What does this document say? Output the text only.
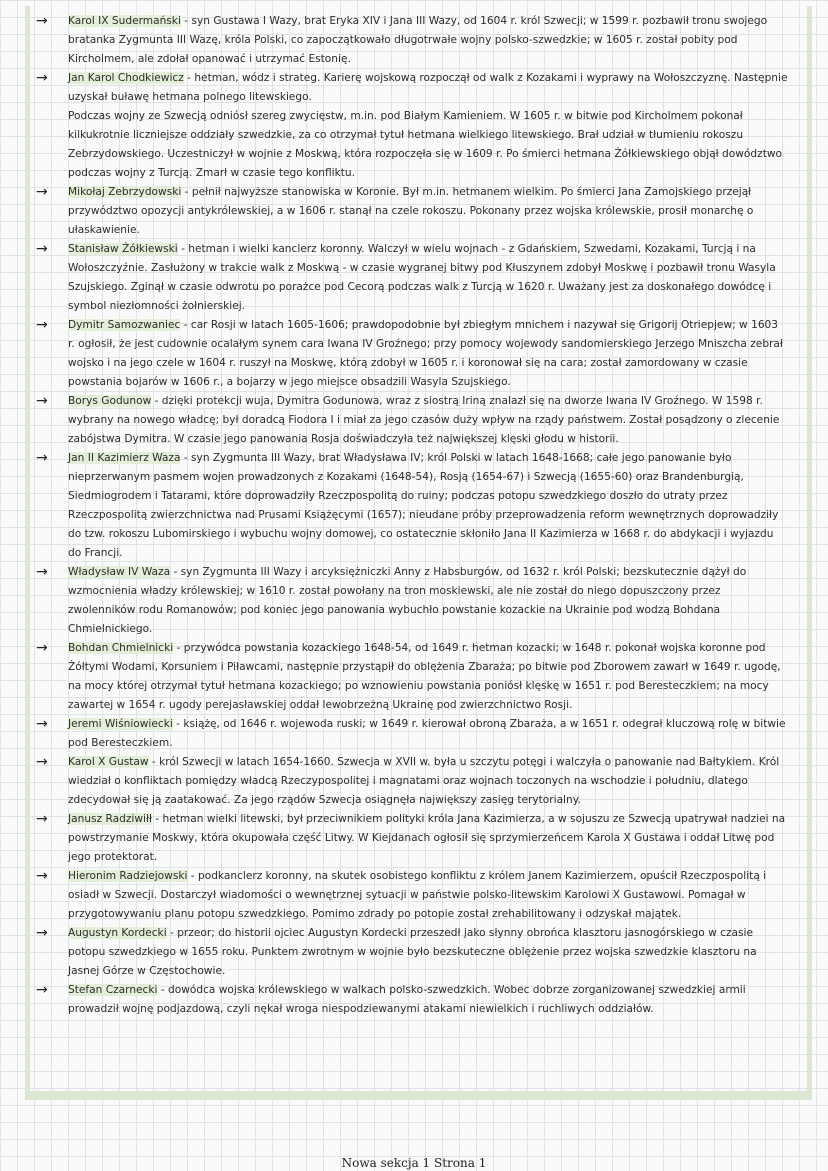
→ Karol IX Sudermański - syn Gustawa I Wazy, brat Eryka XIV i Jana III Wazy, od 1604 r. król Szwecji; w 1599 r. pozbawił tronu swojego bratanka Zygmunta III Wazę, króla Polski, co zapoczątkowało długotrwałe wojny polsko-szwedzkie; w 1605 r. został pobity pod Kircholmem, ale zdołał opanować i utrzymać Estonię.
→ Jan Karol Chodkiewicz - hetman, wódz i strateg. Karierę wojskową rozpoczął od walk z Kozakami i wyprawy na Wołoszczyznę. Następnie uzyskał buławę hetmana polnego litewskiego.
Podczas wojny ze Szwecją odniósł szereg zwycięstw, m.in. pod Białym Kamieniem. W 1605 r. w bitwie pod Kircholmem pokonał kilkukrotnie liczniejsze oddziały szwedzkie, za co otrzymał tytuł hetmana wielkiego litewskiego. Brał udział w tłumieniu rokoszu Zebrzydowskiego. Uczestniczył w wojnie z Moskwą, która rozpoczęła się w 1609 r. Po śmierci hetmana Żółkiewskiego objął dowództwo podczas wojny z Turcją. Zmarł w czasie tego konfliktu.
→ Mikołaj Zebrzydowski - pełnił najwyższe stanowiska w Koronie. Był m.in. hetmanem wielkim. Po śmierci Jana Zamojskiego przejął przywództwo opozycji antykrólewskiej, a w 1606 r. stanął na czele rokoszu. Pokonany przez wojska królewskie, prosił monarchę o ułaskawienie.
→ Stanisław Żółkiewski - hetman i wielki kanclerz koronny. Walczył w wielu wojnach - z Gdańskiem, Szwedami, Kozakami, Turcją i na Wołoszczyźnie. Zasłużony w trakcie walk z Moskwą - w czasie wygranej bitwy pod Kłuszynem zdobył Moskwę i pozbawił tronu Wasyla Szujskiego. Zginął w czasie odwrotu po porażce pod Cecorą podczas walk z Turcją w 1620 r. Uważany jest za doskonałego dowódcę i symbol niezłomności żołnierskiej.
→ Dymitr Samozwaniec - car Rosji w latach 1605-1606; prawdopodobnie był zbiegłym mnichem i nazywał się Grigorij Otriepjew; w 1603 r. ogłosił, że jest cudownie ocalałym synem cara Iwana IV Groźnego; przy pomocy wojewody sandomierskiego Jerzego Mniszcha zebrał wojsko i na jego czele w 1604 r. ruszył na Moskwę, którą zdobył w 1605 r. i koronował się na cara; został zamordowany w czasie powstania bojarów w 1606 r., a bojarzy w jego miejsce obsadzili Wasyla Szujskiego.
→ Borys Godunow - dzięki protekcji wuja, Dymitra Godunowa, wraz z siostrą Iriną znalazł się na dworze Iwana IV Groźnego. W 1598 r. wybrany na nowego władcę; był doradcą Fiodora I i miał za jego czasów duży wpływ na rządy państwem. Został posądzony o zlecenie zabójstwa Dymitra. W czasie jego panowania Rosja doświadczyła też największej klęski głodu w historii.
→ Jan II Kazimierz Waza - syn Zygmunta III Wazy, brat Władysława IV; król Polski w latach 1648-1668; całe jego panowanie było nieprzerwanym pasmem wojen prowadzonych z Kozakami (1648-54), Rosją (1654-67) i Szwecją (1655-60) oraz Brandenburgią, Siedmiogrodem i Tatarami, które doprowadziły Rzeczpospolitą do ruiny; podczas potopu szwedzkiego doszło do utraty przez Rzeczpospolitą zwierzchnictwa nad Prusami Książęcymi (1657); nieudane próby przeprowadzenia reform wewnętrznych doprowadziły do tzw. rokoszu Lubomirskiego i wybuchu wojny domowej, co ostatecznie skłoniło Jana II Kazimierza w 1668 r. do abdykacji i wyjazdu do Francji.
→ Władysław IV Waza - syn Zygmunta III Wazy i arcyksiężniczki Anny z Habsburgów, od 1632 r. król Polski; bezskutecznie dążył do wzmocnienia władzy królewskiej; w 1610 r. został powołany na tron moskiewski, ale nie został do niego dopuszczony przez zwolenników rodu Romanowów; pod koniec jego panowania wybuchło powstanie kozackie na Ukrainie pod wodzą Bohdana Chmielnickiego.
→ Bohdan Chmielnicki - przywódca powstania kozackiego 1648-54, od 1649 r. hetman kozacki; w 1648 r. pokonał wojska koronne pod Żółtymi Wodami, Korsuniem i Piławcami, następnie przystąpił do oblężenia Zbaraża; po bitwie pod Zborowem zawarł w 1649 r. ugodę, na mocy której otrzymał tytuł hetmana kozackiego; po wznowieniu powstania poniósł klęskę w 1651 r. pod Beresteczkiem; na mocy zawartej w 1654 r. ugody perejasławskiej oddał lewobrzeżną Ukrainę pod zwierzchnictwo Rosji.
→ Jeremi Wiśniowiecki - książę, od 1646 r. wojewoda ruski; w 1649 r. kierował obroną Zbaraża, a w 1651 r. odegrał kluczową rolę w bitwie pod Beresteczkiem.
→ Karol X Gustaw - król Szwecji w latach 1654-1660. Szwecja w XVII w. była u szczytu potęgi i walczyła o panowanie nad Bałtykiem. Król wiedział o konfliktach pomiędzy władcą Rzeczypospolitej i magnatami oraz wojnach toczonych na wschodzie i południu, dlatego zdecydował się ją zaatakować. Za jego rządów Szwecja osiągnęła największy zasięg terytorialny.
→ Janusz Radziwiłł - hetman wielki litewski, był przeciwnikiem polityki króla Jana Kazimierza, a w sojuszu ze Szwecją upatrywał nadziei na powstrzymanie Moskwy, która okupowała część Litwy. W Kiejdanach ogłosił się sprzymierzeńcem Karola X Gustawa i oddał Litwę pod jego protektorat.
→ Hieronim Radziejowski - podkanclerz koronny, na skutek osobistego konfliktu z królem Janem Kazimierzem, opuścił Rzeczpospolitą i osiadł w Szwecji. Dostarczył wiadomości o wewnętrznej sytuacji w państwie polsko-litewskim Karolowi X Gustawowi. Pomagał w przygotowywaniu planu potopu szwedzkiego. Pomimo zdrady po potopie został zrehabilitowany i odzyskał majątek.
→ Augustyn Kordecki - przeor; do historii ojciec Augustyn Kordecki przeszedł jako słynny obrońca klasztoru jasnogórskiego w czasie potopu szwedzkiego w 1655 roku. Punktem zwrotnym w wojnie było bezskuteczne oblężenie przez wojska szwedzkie klasztoru na Jasnej Górze w Częstochowie.
→ Stefan Czarnecki - dowódca wojska królewskiego w walkach polsko-szwedzkich. Wobec dobrze zorganizowanej szwedzkiej armii prowadził wojnę podjazdową, czyli nękał wroga niespodziewanymi atakami niewielkich i ruchliwych oddziałów.
Nowa sekcja 1 Strona 1
